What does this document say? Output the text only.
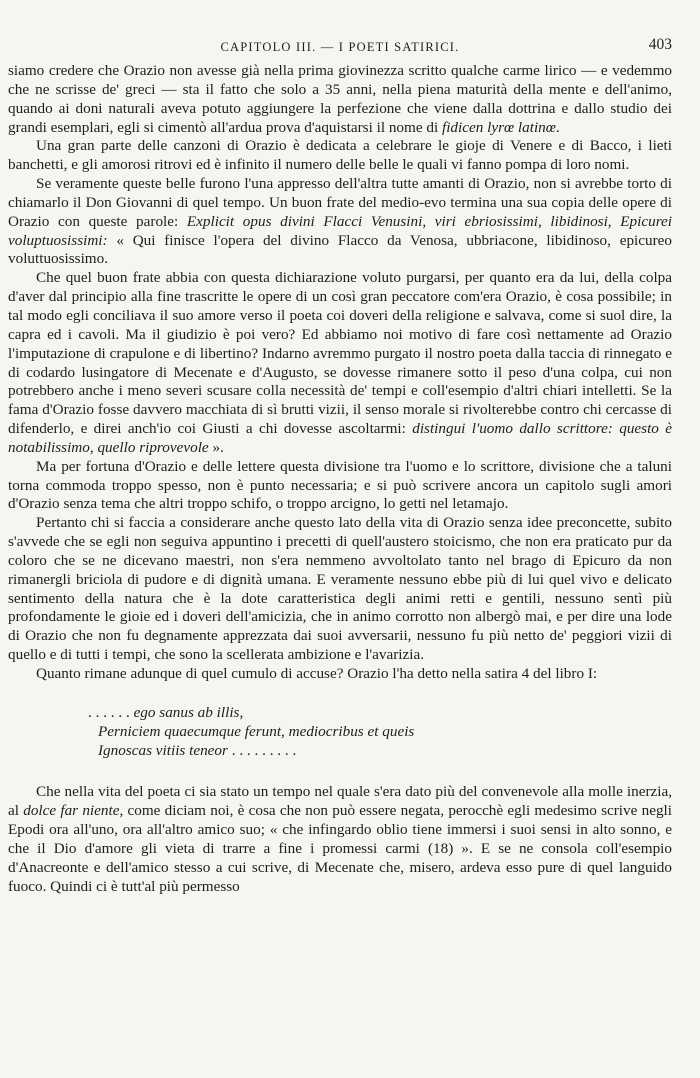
CAPITOLO III. — I POETI SATIRICI.	403

siamo credere che Orazio non avesse già nella prima giovinezza scritto qualche carme lirico — e vedemmo che ne scrisse de' greci — sta il fatto che solo a 35 anni, nella piena maturità della mente e dell'animo, quando ai doni naturali aveva potuto aggiungere la perfezione che viene dalla dottrina e dallo studio dei grandi esemplari, egli si cimentò all'ardua prova d'aquistarsi il nome di fidicen lyrœ latinœ.

Una gran parte delle canzoni di Orazio è dedicata a celebrare le gioje di Venere e di Bacco, i lieti banchetti, e gli amorosi ritrovi ed è infinito il numero delle belle le quali vi fanno pompa di loro nomi.

Se veramente queste belle furono l'una appresso dell'altra tutte amanti di Orazio, non si avrebbe torto di chiamarlo il Don Giovanni di quel tempo. Un buon frate del medio-evo termina una sua copia delle opere di Orazio con queste parole: Explicit opus divini Flacci Venusini, viri ebriosissimi, libidinosi, Epicurei voluptuosissimi: « Qui finisce l'opera del divino Flacco da Venosa, ubbriacone, libidinoso, epicureo voluttuosissimo.

Che quel buon frate abbia con questa dichiarazione voluto purgarsi, per quanto era da lui, della colpa d'aver dal principio alla fine trascritte le opere di un così gran peccatore com'era Orazio, è cosa possibile; in tal modo egli conciliava il suo amore verso il poeta coi doveri della religione e salvava, come si suol dire, la capra ed i cavoli. Ma il giudizio è poi vero? Ed abbiamo noi motivo di fare così nettamente ad Orazio l'imputazione di crapulone e di libertino? Indarno avremmo purgato il nostro poeta dalla taccia di rinnegato e di codardo lusingatore di Mecenate e d'Augusto, se dovesse rimanere sotto il peso d'una colpa, cui non potrebbero anche i meno severi scusare colla necessità de' tempi e coll'esempio d'altri chiari intelletti. Se la fama d'Orazio fosse davvero macchiata di sì brutti vizii, il senso morale si rivolterebbe contro chi cercasse di difenderlo, e direi anch'io coi Giusti a chi dovesse ascoltarmi: distingui l'uomo dallo scrittore: questo è notabilissimo, quello riprovevole ».

Ma per fortuna d'Orazio e delle lettere questa divisione tra l'uomo e lo scrittore, divisione che a taluni torna commoda troppo spesso, non è punto necessaria; e si può scrivere ancora un capitolo sugli amori d'Orazio senza tema che altri troppo schifo, o troppo arcigno, lo getti nel letamajo.

Pertanto chi si faccia a considerare anche questo lato della vita di Orazio senza idee preconcette, subito s'avvede che se egli non seguiva appuntino i precetti di quell'austero stoicismo, che non era praticato pur da coloro che se ne dicevano maestri, non s'era nemmeno avvoltolato tanto nel brago di Epicuro da non rimanergli briciola di pudore e di dignità umana. E veramente nessuno ebbe più di lui quel vivo e delicato sentimento della natura che è la dote caratteristica degli animi retti e gentili, nessuno sentì più profondamente le gioie ed i doveri dell'amicizia, che in animo corrotto non albergò mai, e per dire una lode di Orazio che non fu degnamente apprezzata dai suoi avversarii, nessuno fu più netto de' peggiori vizii di quello e di tutti i tempi, che sono la scellerata ambizione e l'avarizia.

Quanto rimane adunque di quel cumulo di accuse? Orazio l'ha detto nella satira 4 del libro I:

. . . . . . ego sanus ab illis,
Perniciem quaecumque ferunt, mediocribus et queis
Ignoscas vitiis teneor . . . . . . . . .

Che nella vita del poeta ci sia stato un tempo nel quale s'era dato più del convenevole alla molle inerzia, al dolce far niente, come diciam noi, è cosa che non può essere negata, perocchè egli medesimo scrive negli Epodi ora all'uno, ora all'altro amico suo; « che infingardo oblio tiene immersi i suoi sensi in alto sonno, e che il Dio d'amore gli vieta di trarre a fine i promessi carmi (18) ». E se ne consola coll'esempio d'Anacreonte e dell'amico stesso a cui scrive, di Mecenate che, misero, ardeva esso pure di quel languido fuoco. Quindi ci è tutt'al più permesso
